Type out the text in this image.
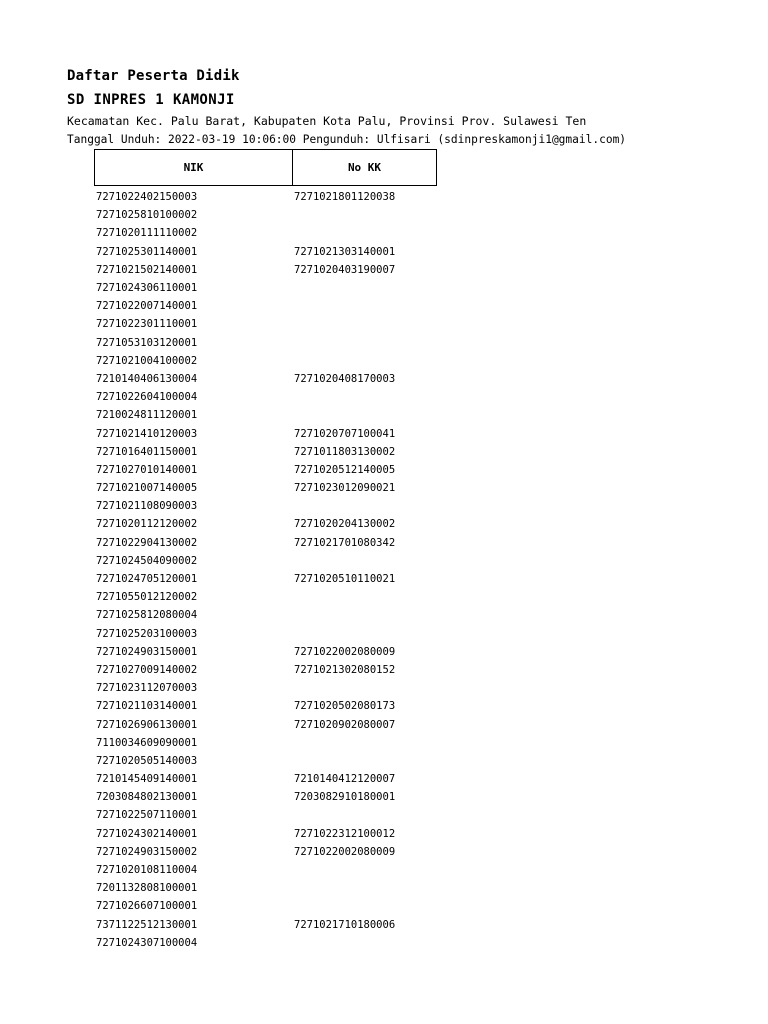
Daftar Peserta Didik
SD INPRES 1 KAMONJI
Kecamatan Kec. Palu Barat, Kabupaten Kota Palu, Provinsi Prov. Sulawesi Ten
Tanggal Unduh: 2022-03-19 10:06:00 Pengunduh: Ulfisari (sdinpreskamonji1@gmail.com)
NIK	No KK
7271022402150003	7271021801120038
7271025810100002
7271020111110002
7271025301140001	7271021303140001
7271021502140001	7271020403190007
7271024306110001
7271022007140001
7271022301110001
7271053103120001
7271021004100002
7210140406130004	7271020408170003
7271022604100004
7210024811120001
7271021410120003	7271020707100041
7271016401150001	7271011803130002
7271027010140001	7271020512140005
7271021007140005	7271023012090021
7271021108090003
7271020112120002	7271020204130002
7271022904130002	7271021701080342
7271024504090002
7271024705120001	7271020510110021
7271055012120002
7271025812080004
7271025203100003
7271024903150001	7271022002080009
7271027009140002	7271021302080152
7271023112070003
7271021103140001	7271020502080173
7271026906130001	7271020902080007
7110034609090001
7271020505140003
7210145409140001	7210140412120007
7203084802130001	7203082910180001
7271022507110001
7271024302140001	7271022312100012
7271024903150002	7271022002080009
7271020108110004
7201132808100001
7271026607100001
7371122512130001	7271021710180006
7271024307100004
